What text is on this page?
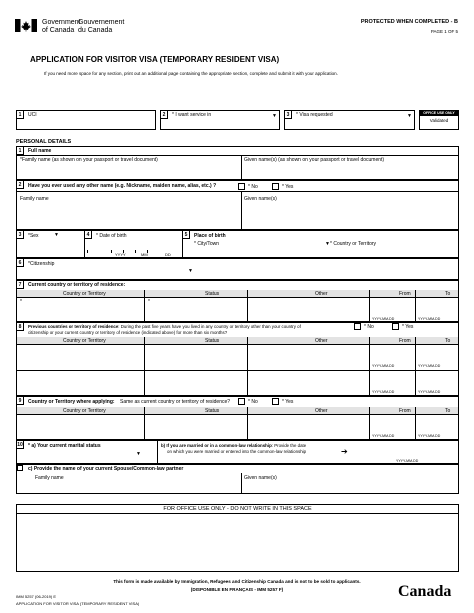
Government
of Canada
Gouvernement
du Canada
PROTECTED WHEN COMPLETED - B
PAGE 1 OF 5
APPLICATION FOR VISITOR VISA (TEMPORARY RESIDENT VISA)
If you need more space for any section, print out an additional page containing the appropriate section, complete and submit it with your application.
1	UCI	2	* I want service in	▼	3	* Visa requested	▼	OFFICE USE ONLY
Validated
PERSONAL DETAILS
1	Full name
*Family name (as shown on your passport or travel document)	Given name(s) (as shown on your passport or travel document)
2	Have you ever used any other name (e.g. Nickname, maiden name, alias, etc.) ?
Family name	Given name(s)
* No	* Yes
3	*Sex	4	* Date of birth	5	Place of birth
* City/Town	* Country or Territory
YYYY	MM	DD
▼
▼
6	*Citizenship
▼
7	Current country or territory of residence:
Country or Territory	Status	Other	From	To
*	*
YYYY-MM-DD	YYYY-MM-DD
8	Previous countries or territory of residence: During the past five years have you lived in any country or territory other than your country of
citizenship or your current country or territory of residence (indicated above) for more than six months?
Country or Territory	Status	Other	From	To
* No	* Yes
YYYY-MM-DD	YYYY-MM-DD
YYYY-MM-DD	YYYY-MM-DD
9	Country or Territory where applying: Same as current country or territory of residence?
Country or Territory	Status	Other	From	To
* No	* Yes
YYYY-MM-DD	YYYY-MM-DD
10 * a) Your current marital status	b) If you are married or in a common-law relationship: Provide the date
on which you were married or entered into the common-law relationship
▼	➔
YYYY-MM-DD
c) Provide the name of your current Spouse/Common-law partner
Family name	Given name(s)
FOR OFFICE USE ONLY - DO NOT WRITE IN THIS SPACE
This form is made available by Immigration, Refugees and Citizenship Canada and is not to be sold to applicants.
(DISPONIBLE EN FRANÇAIS - IMM 5257 F)
IMM 5257 (06-2019) E
APPLICATION FOR VISITOR VISA (TEMPORARY RESIDENT VISA)
Canada
